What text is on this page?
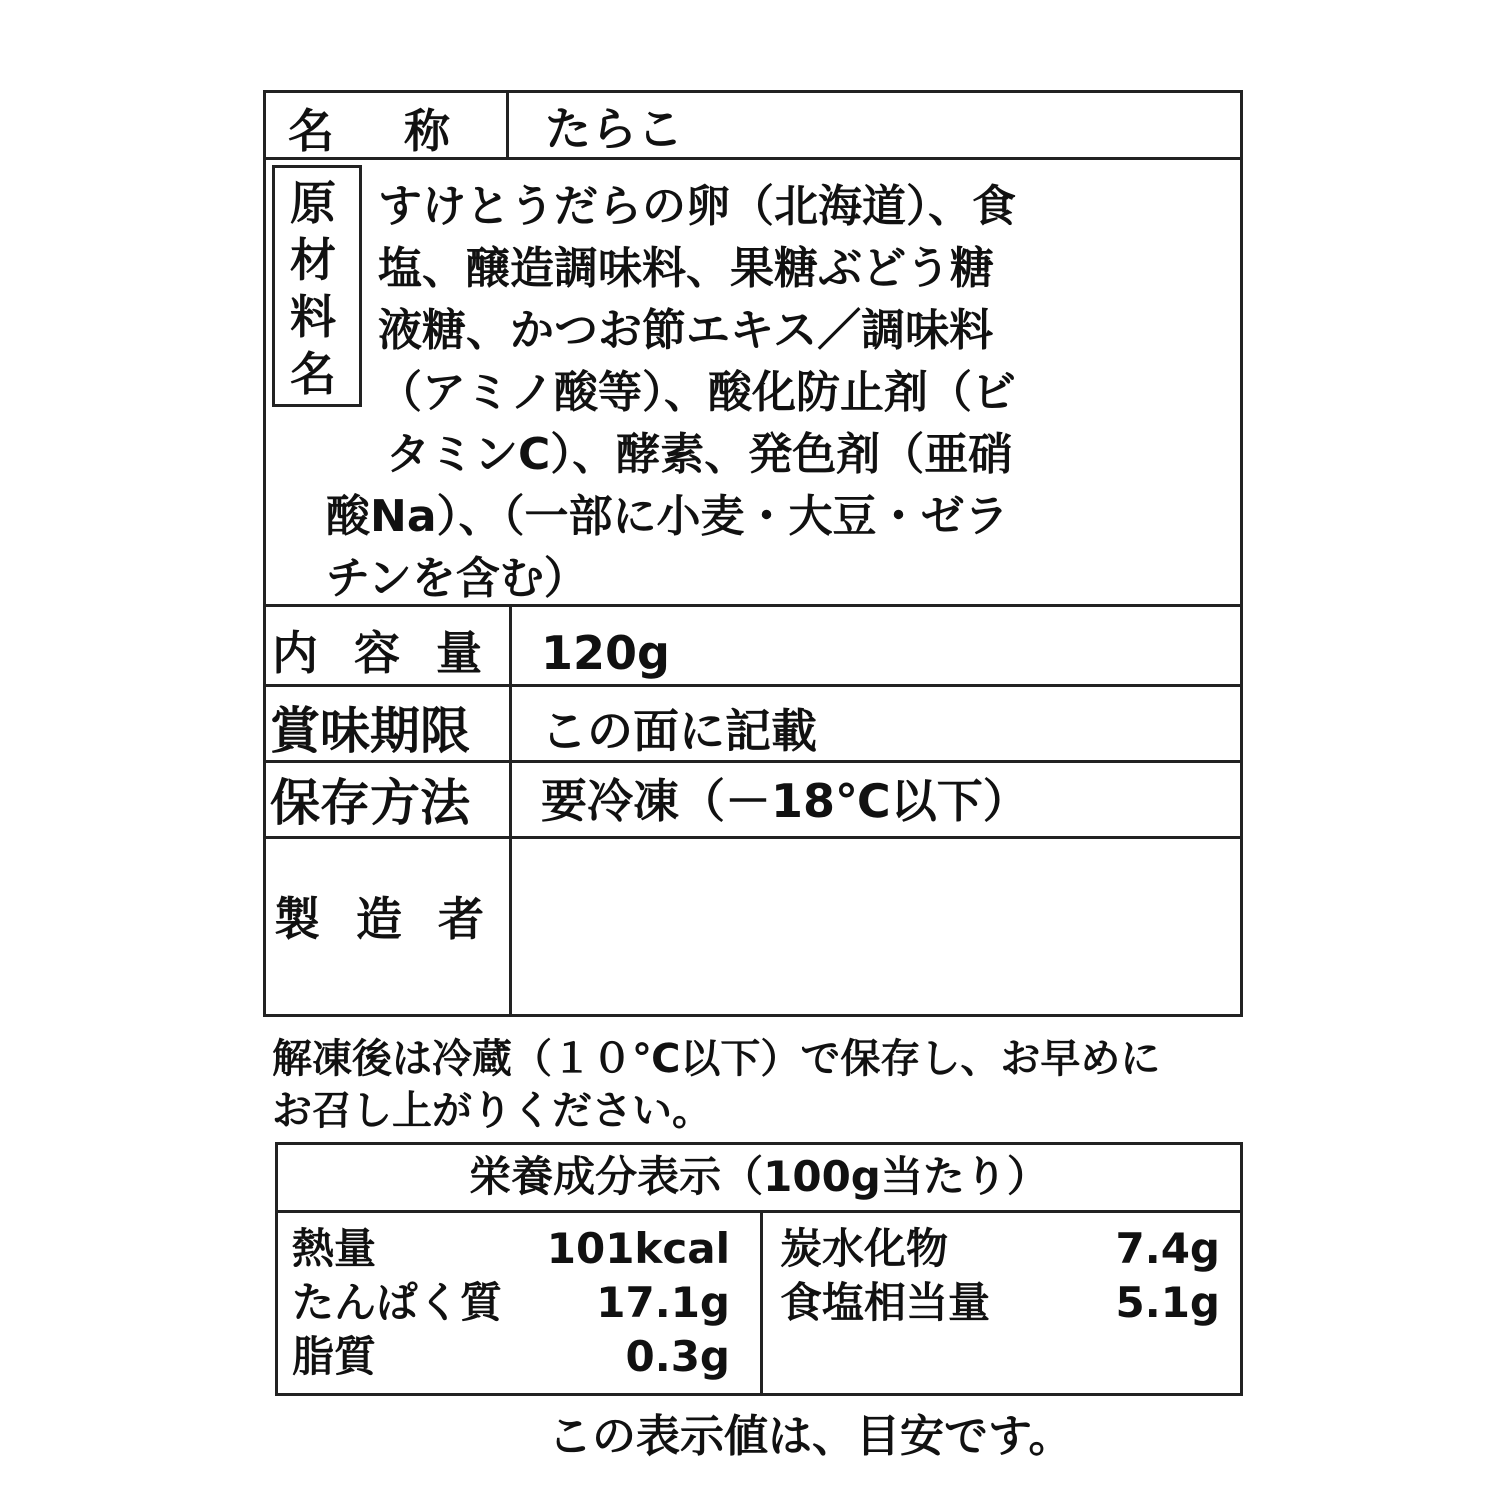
名称 たらこ
原材料名
すけとうだらの卵（北海道）、食
塩、醸造調味料、果糖ぶどう糖
液糖、かつお節エキス／調味料
（アミノ酸等）、酸化防止剤（ビ
タミンC）、酵素、発色剤（亜硝
酸Na）、（一部に小麦・大豆・ゼラ
チンを含む）
内容量 120g
賞味期限 この面に記載
保存方法 要冷凍（－18℃以下）
製造者
解凍後は冷蔵（１０℃以下）で保存し、お早めに
お召し上がりください。
栄養成分表示（100g当たり）
熱量	101kcal
たんぱく質	17.1g
脂質	0.3g
炭水化物	7.4g
食塩相当量	5.1g
この表示値は、目安です。
